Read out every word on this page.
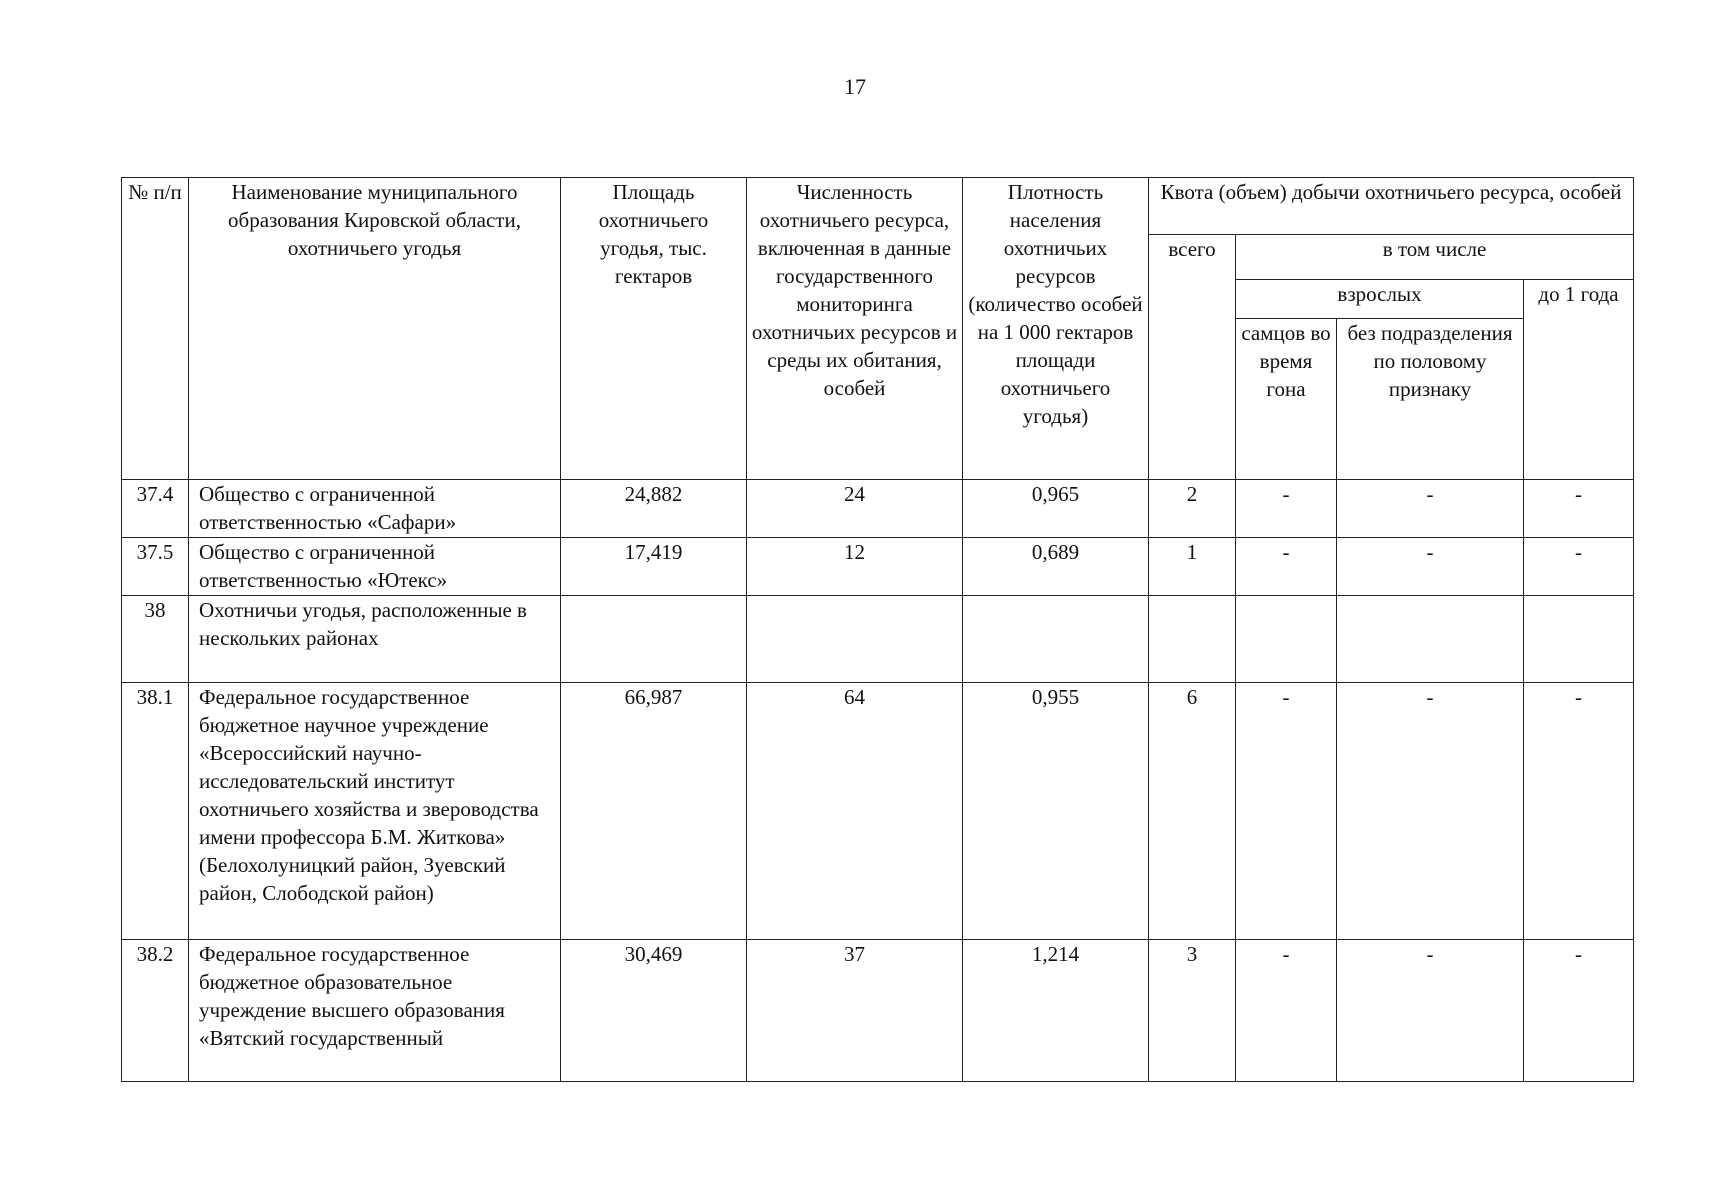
17
№ п/п	Наименование муниципального образования Кировской области, охотничьего угодья	Площадь охотничьего угодья, тыс. гектаров	Численность охотничьего ресурса, включенная в данные государственного мониторинга охотничьих ресурсов и среды их обитания, особей	Плотность населения охотничьих ресурсов (количество особей на 1 000 гектаров площади охотничьего угодья)	Квота (объем) добычи охотничьего ресурса, особей			
					всего	в том числе		
						взрослых		до 1 года
						самцов во время гона	без подразделения по половому признаку	
37.4	Общество с ограниченной ответственностью «Сафари»	24,882	24	0,965	2	-	-	-
37.5	Общество с ограниченной ответственностью «Ютекс»	17,419	12	0,689	1	-	-	-
38	Охотничьи угодья, расположенные в нескольких районах							
38.1	Федеральное государственное бюджетное научное учреждение «Всероссийский научно-исследовательский институт охотничьего хозяйства и звероводства имени профессора Б.М. Житкова» (Белохолуницкий район, Зуевский район, Слободской район)	66,987	64	0,955	6	-	-	-
38.2	Федеральное государственное бюджетное образовательное учреждение высшего образования «Вятский государственный	30,469	37	1,214	3	-	-	-
